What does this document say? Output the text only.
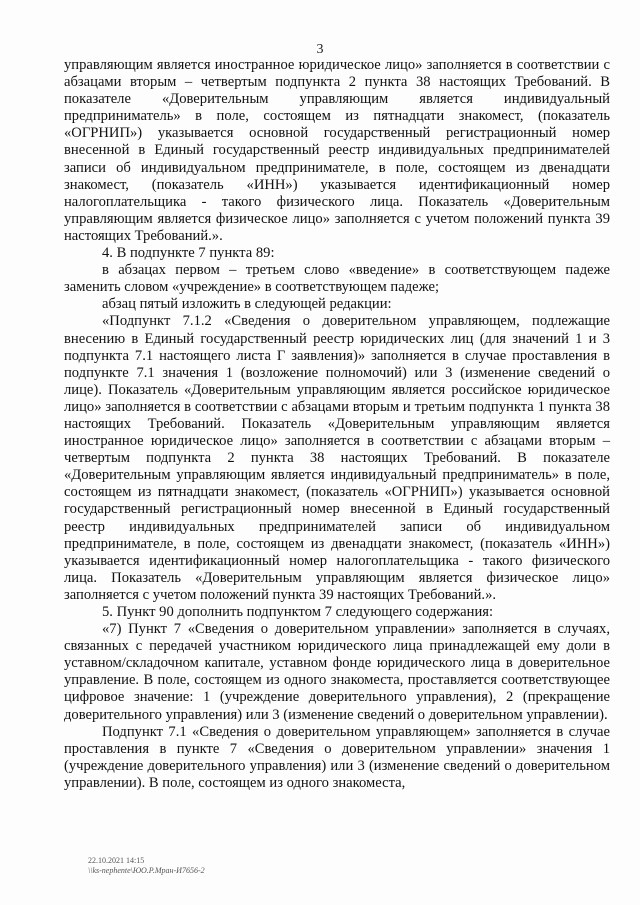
3

управляющим является иностранное юридическое лицо» заполняется в соответствии с абзацами вторым – четвертым подпункта 2 пункта 38 настоящих Требований. В показателе «Доверительным управляющим является индивидуальный предприниматель» в поле, состоящем из пятнадцати знакомест, (показатель «ОГРНИП») указывается основной государственный регистрационный номер внесенной в Единый государственный реестр индивидуальных предпринимателей записи об индивидуальном предпринимателе, в поле, состоящем из двенадцати знакомест, (показатель «ИНН») указывается идентификационный номер налогоплательщика - такого физического лица. Показатель «Доверительным управляющим является физическое лицо» заполняется с учетом положений пункта 39 настоящих Требований.».

4. В подпункте 7 пункта 89:

в абзацах первом – третьем слово «введение» в соответствующем падеже заменить словом «учреждение» в соответствующем падеже;

абзац пятый изложить в следующей редакции:

«Подпункт 7.1.2 «Сведения о доверительном управляющем, подлежащие внесению в Единый государственный реестр юридических лиц (для значений 1 и 3 подпункта 7.1 настоящего листа Г заявления)» заполняется в случае проставления в подпункте 7.1 значения 1 (возложение полномочий) или 3 (изменение сведений о лице). Показатель «Доверительным управляющим является российское юридическое лицо» заполняется в соответствии с абзацами вторым и третьим подпункта 1 пункта 38 настоящих Требований. Показатель «Доверительным управляющим является иностранное юридическое лицо» заполняется в соответствии с абзацами вторым – четвертым подпункта 2 пункта 38 настоящих Требований. В показателе «Доверительным управляющим является индивидуальный предприниматель» в поле, состоящем из пятнадцати знакомест, (показатель «ОГРНИП») указывается основной государственный регистрационный номер внесенной в Единый государственный реестр индивидуальных предпринимателей записи об индивидуальном предпринимателе, в поле, состоящем из двенадцати знакомест, (показатель «ИНН») указывается идентификационный номер налогоплательщика - такого физического лица. Показатель «Доверительным управляющим является физическое лицо» заполняется с учетом положений пункта 39 настоящих Требований.».

5. Пункт 90 дополнить подпунктом 7 следующего содержания:

«7) Пункт 7 «Сведения о доверительном управлении» заполняется в случаях, связанных с передачей участником юридического лица принадлежащей ему доли в уставном/складочном капитале, уставном фонде юридического лица в доверительное управление. В поле, состоящем из одного знакоместа, проставляется соответствующее цифровое значение: 1 (учреждение доверительного управления), 2 (прекращение доверительного управления) или 3 (изменение сведений о доверительном управлении).

Подпункт 7.1 «Сведения о доверительном управляющем» заполняется в случае проставления в пункте 7 «Сведения о доверительном управлении» значения 1 (учреждение доверительного управления) или 3 (изменение сведений о доверительном управлении). В поле, состоящем из одного знакоместа,

22.10.2021 14:15
\\ks-nephente\ЮО.Р.Мран-И7656-2
